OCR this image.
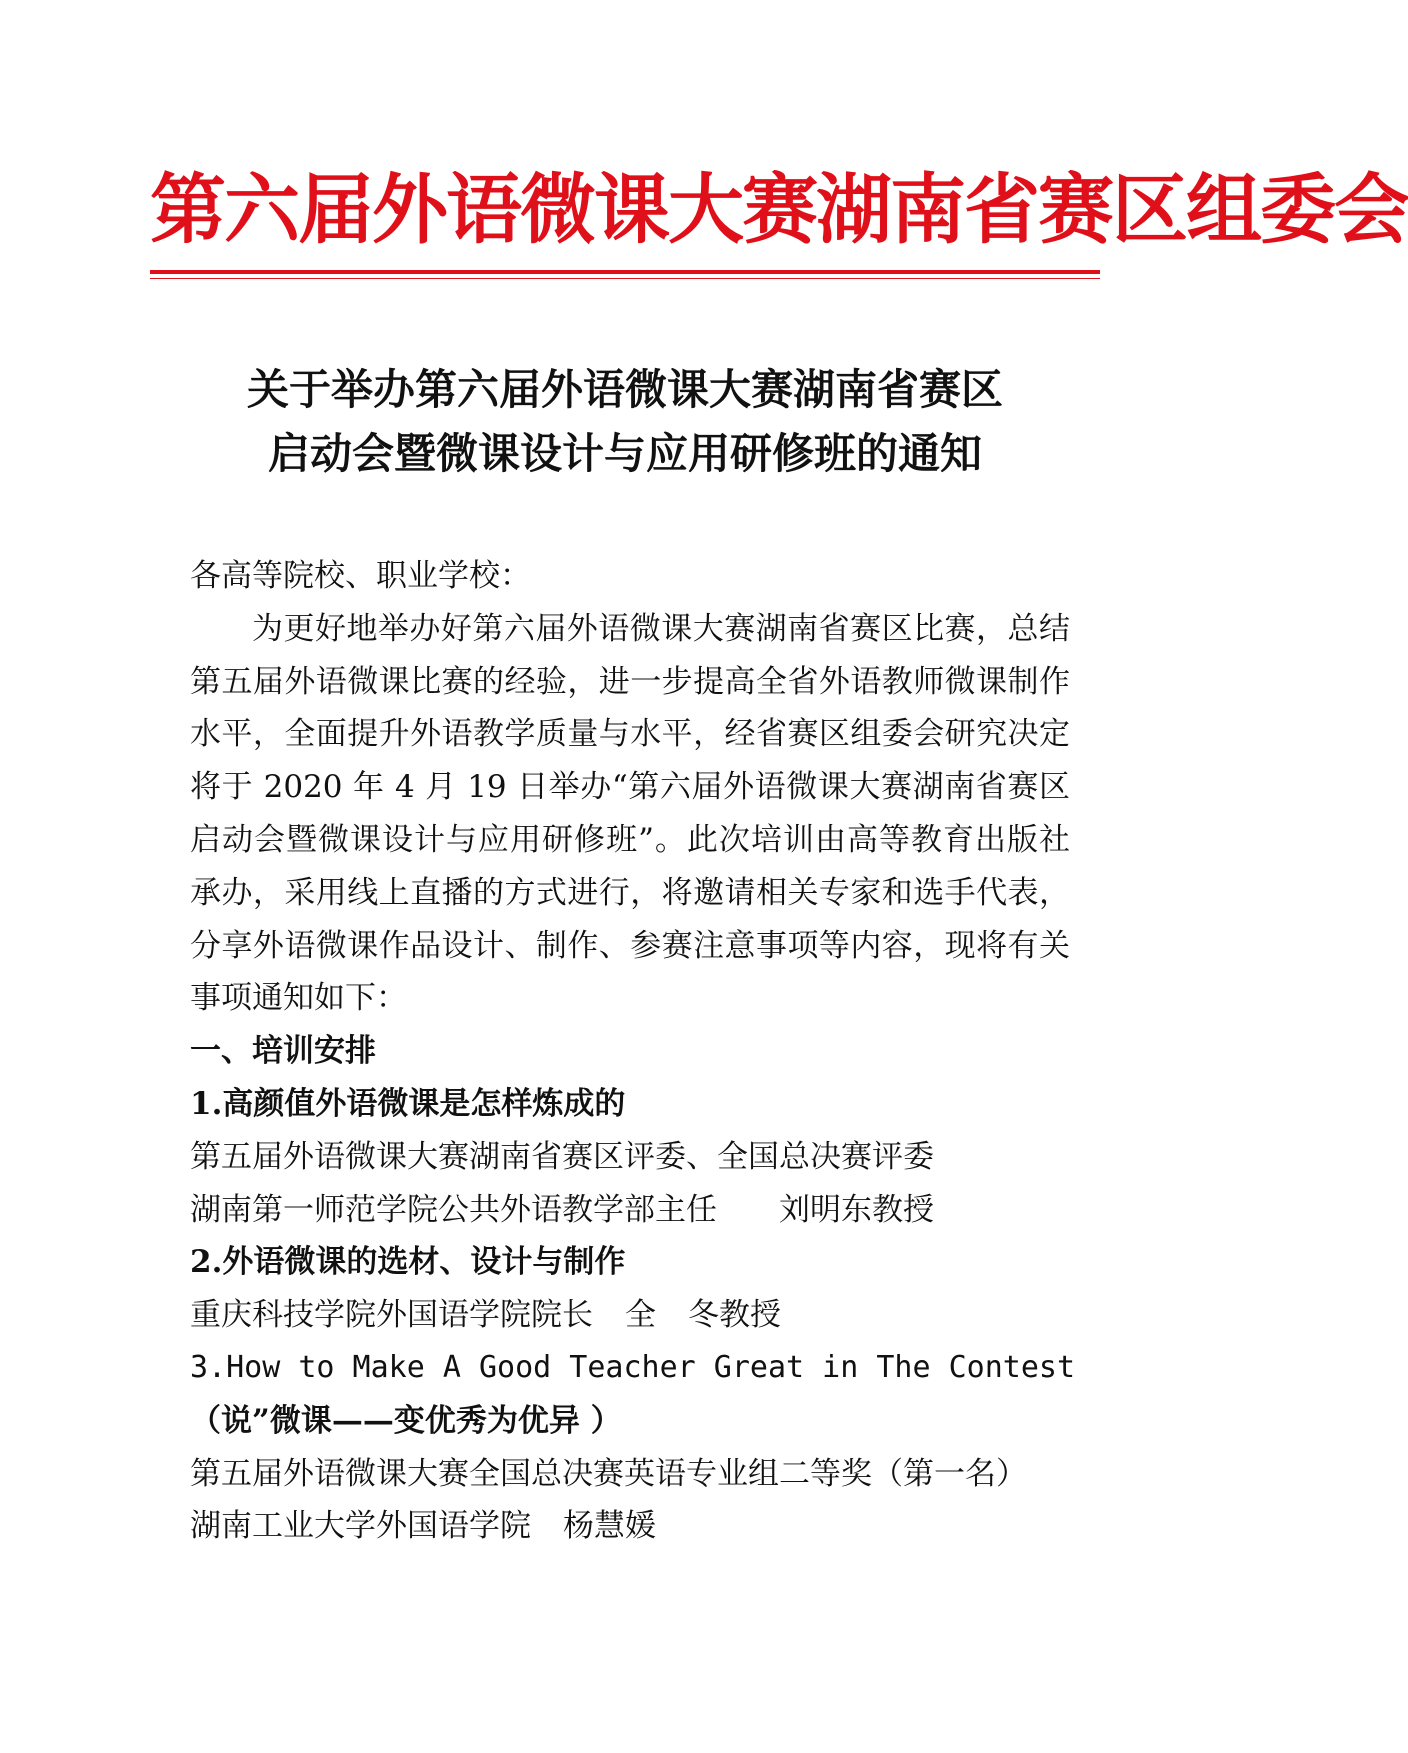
第六届外语微课大赛湖南省赛区组委会
关于举办第六届外语微课大赛湖南省赛区
启动会暨微课设计与应用研修班的通知

各高等院校、职业学校：

为更好地举办好第六届外语微课大赛湖南省赛区比赛，总结第五届外语微课比赛的经验，进一步提高全省外语教师微课制作水平，全面提升外语教学质量与水平，经省赛区组委会研究决定将于 2020 年 4 月 19 日举办“第六届外语微课大赛湖南省赛区启动会暨微课设计与应用研修班”。此次培训由高等教育出版社承办，采用线上直播的方式进行，将邀请相关专家和选手代表，分享外语微课作品设计、制作、参赛注意事项等内容，现将有关事项通知如下：

一、培训安排

1.高颜值外语微课是怎样炼成的

第五届外语微课大赛湖南省赛区评委、全国总决赛评委

湖南第一师范学院公共外语教学部主任 刘明东教授

2.外语微课的选材、设计与制作

重庆科技学院外国语学院院长 全 冬教授

3.How to Make A Good Teacher Great in The Contest

（说”微课——变优秀为优异 ）

第五届外语微课大赛全国总决赛英语专业组二等奖（第一名）

湖南工业大学外国语学院 杨慧媛
